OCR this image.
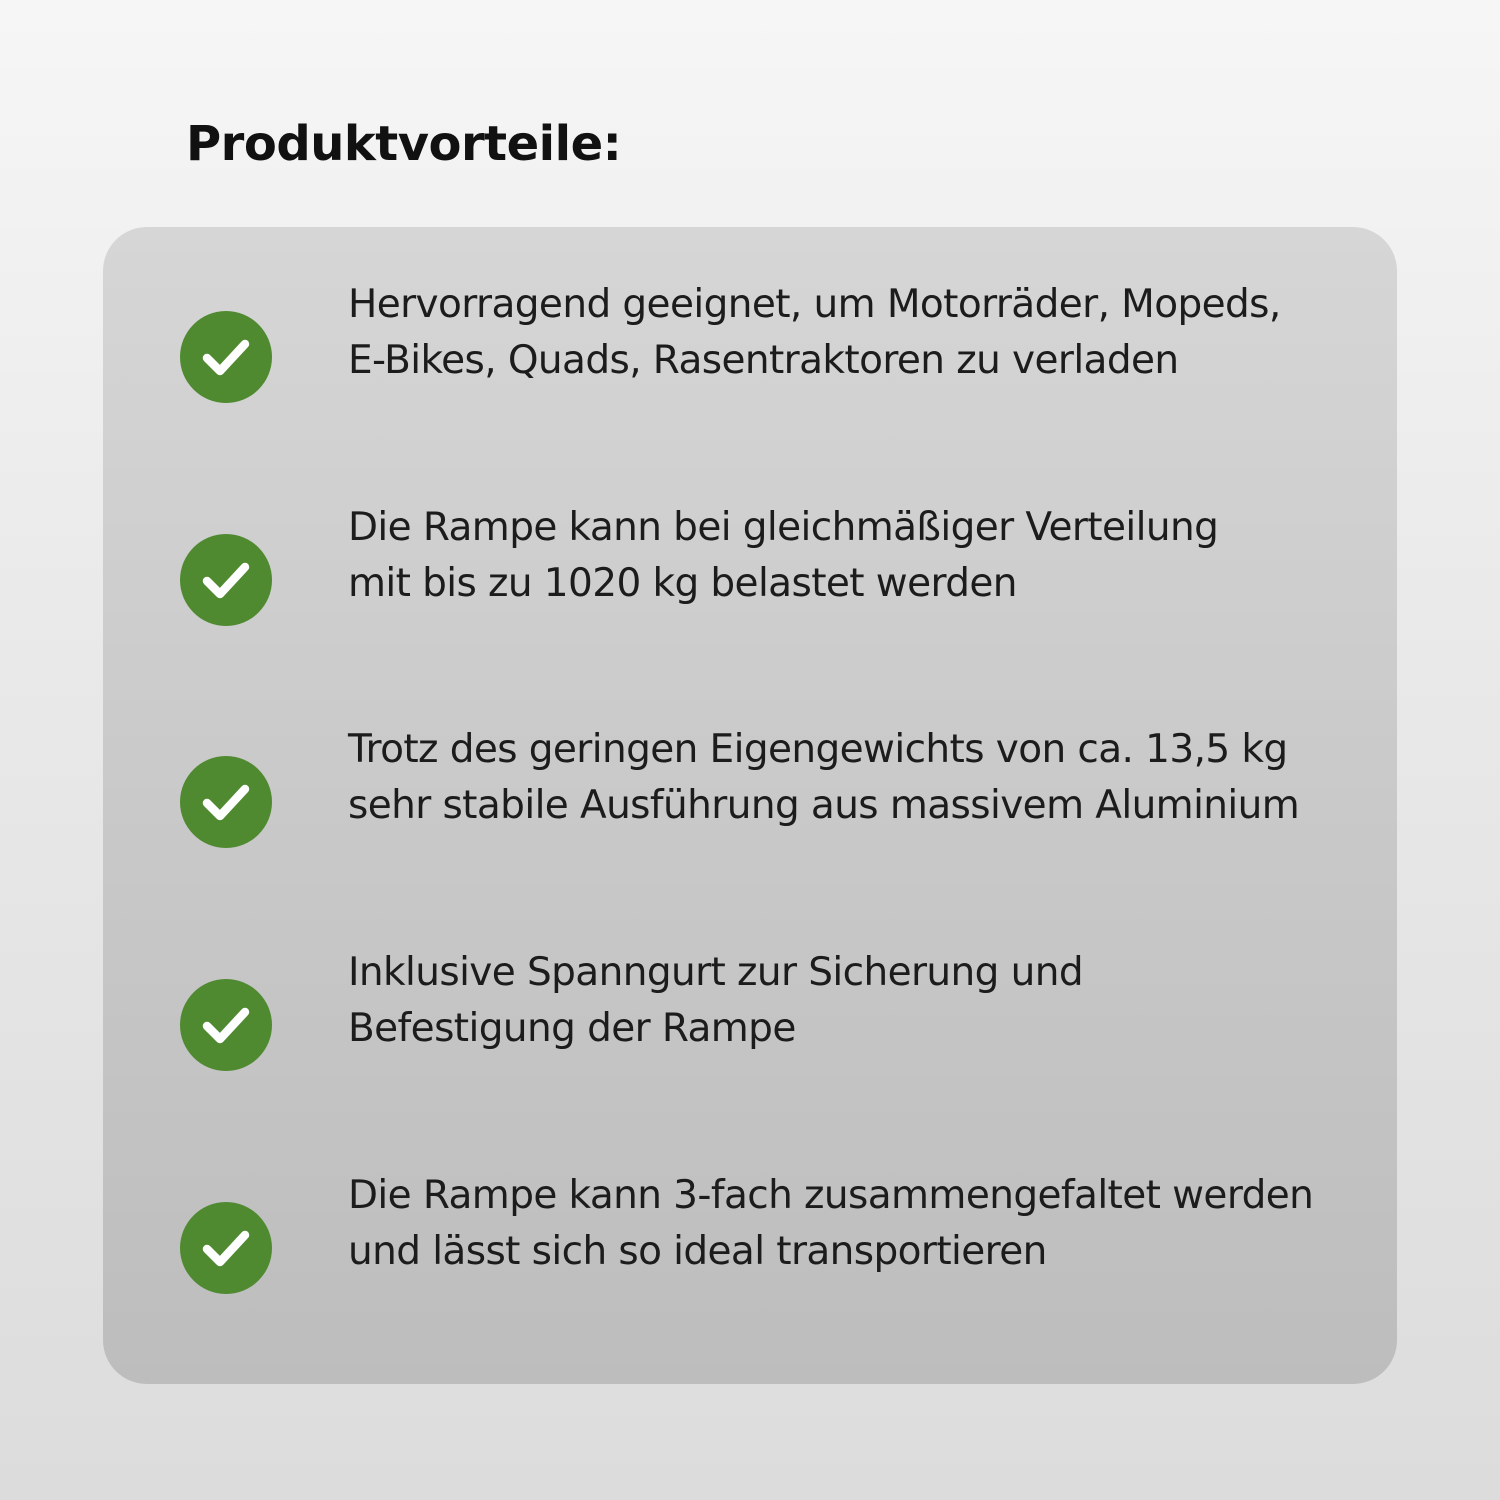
Produktvorteile:
Hervorragend geeignet, um Motorräder, Mopeds,
E-Bikes, Quads, Rasentraktoren zu verladen
Die Rampe kann bei gleichmäßiger Verteilung
mit bis zu 1020 kg belastet werden
Trotz des geringen Eigengewichts von ca. 13,5 kg
sehr stabile Ausführung aus massivem Aluminium
Inklusive Spanngurt zur Sicherung und
Befestigung der Rampe
Die Rampe kann 3-fach zusammengefaltet werden
und lässt sich so ideal transportieren
